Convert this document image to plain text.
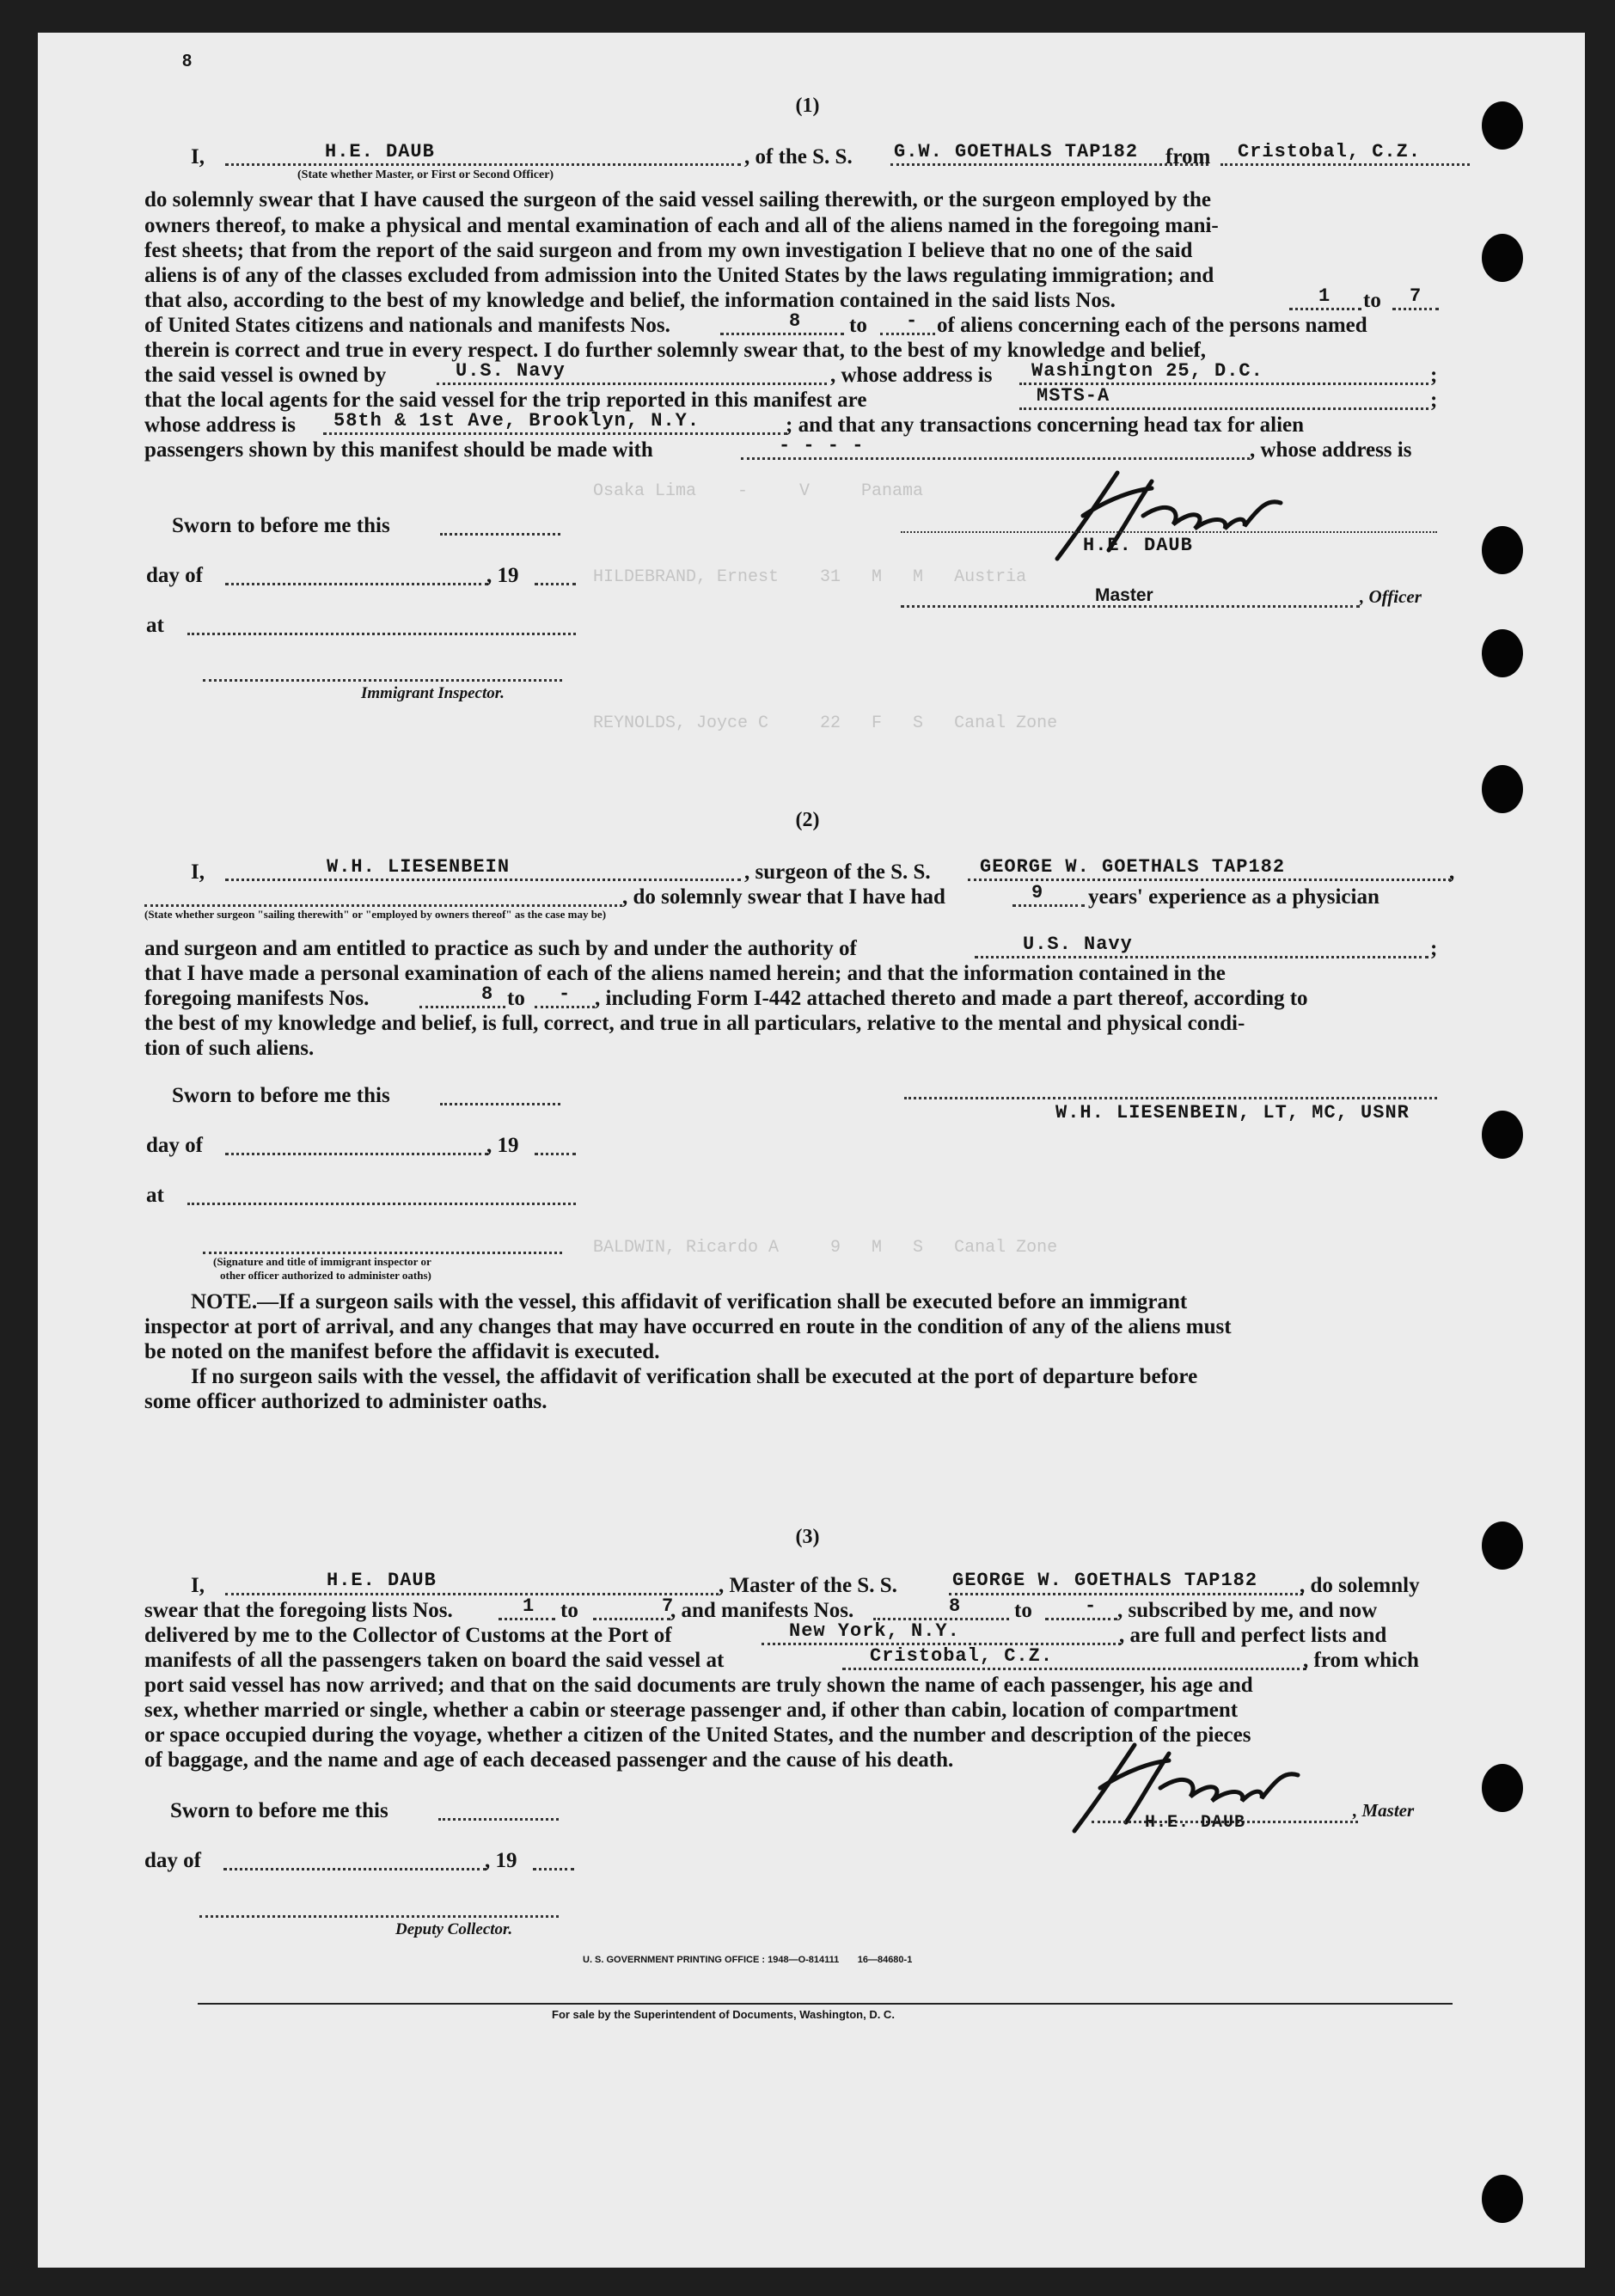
Osaka Lima    -     V     Panama
HILDEBRAND, Ernest    31   M   M   Austria
REYNOLDS, Joyce C     22   F   S   Canal Zone
BALDWIN, Ricardo A     9   M   S   Canal Zone
8
(1)
I,	H.E. DAUB	, of the S. S. G.W. GOETHALS TAP182 from Cristobal, C.Z.
(State whether Master, or First or Second Officer)
do solemnly swear that I have caused the surgeon of the said vessel sailing therewith, or the surgeon employed by the
owners thereof, to make a physical and mental examination of each and all of the aliens named in the foregoing mani-
fest sheets; that from the report of the said surgeon and from my own investigation I believe that no one of the said
aliens is of any of the classes excluded from admission into the United States by the laws regulating immigration; and
that also, according to the best of my knowledge and belief, the information contained in the said lists Nos.	1 to 7
of United States citizens and nationals and manifests Nos.	8 to - of aliens concerning each of the persons named
therein is correct and true in every respect. I do further solemnly swear that, to the best of my knowledge and belief,
the said vessel is owned by	U.S. Navy	, whose address is Washington 25, D.C.	;
that the local agents for the said vessel for the trip reported in this manifest are	MSTS-A	;
whose address is 58th & 1st Ave, Brooklyn, N.Y.	; and that any transactions concerning head tax for alien
passengers shown by this manifest should be made with	- - - -	, whose address is
Sworn to before me this
day of	, 19
at
Immigrant Inspector.
H.E. DAUB
Master	, Officer
(2)
I,	W.H. LIESENBEIN	, surgeon of the S. S.	GEORGE W. GOETHALS TAP182	,
, do solemnly swear that I have had	9 years' experience as a physician
(State whether surgeon "sailing therewith" or "employed by owners thereof" as the case may be)
and surgeon and am entitled to practice as such by and under the authority of	U.S. Navy	;
that I have made a personal examination of each of the aliens named herein; and that the information contained in the
foregoing manifests Nos.	8 to - , including Form I-442 attached thereto and made a part thereof, according to
the best of my knowledge and belief, is full, correct, and true in all particulars, relative to the mental and physical condi-
tion of such aliens.
Sworn to before me this
day of	, 19
at
(Signature and title of immigrant inspector or
other officer authorized to administer oaths)
W.H. LIESENBEIN, LT, MC, USNR
NOTE.—If a surgeon sails with the vessel, this affidavit of verification shall be executed before an immigrant
inspector at port of arrival, and any changes that may have occurred en route in the condition of any of the aliens must
be noted on the manifest before the affidavit is executed.
If no surgeon sails with the vessel, the affidavit of verification shall be executed at the port of departure before
some officer authorized to administer oaths.
(3)
I,	H.E. DAUB	, Master of the S. S.	GEORGE W. GOETHALS TAP182 , do solemnly
swear that the foregoing lists Nos.	1 to	7
, and manifests Nos.	8 to	- , subscribed by me, and now
delivered by me to the Collector of Customs at the Port of	New York, N.Y.	, are full and perfect lists and
manifests of all the passengers taken on board the said vessel at	Cristobal, C.Z.	, from which
port said vessel has now arrived; and that on the said documents are truly shown the name of each passenger, his age and
sex, whether married or single, whether a cabin or steerage passenger and, if other than cabin, location of compartment
or space occupied during the voyage, whether a citizen of the United States, and the number and description of the pieces
of baggage, and the name and age of each deceased passenger and the cause of his death.
Sworn to before me this
day of	, 19
Deputy Collector.
H.E. DAUB
, Master
U. S. GOVERNMENT PRINTING OFFICE : 1948—O-814111 16—84680-1
For sale by the Superintendent of Documents, Washington, D. C.
